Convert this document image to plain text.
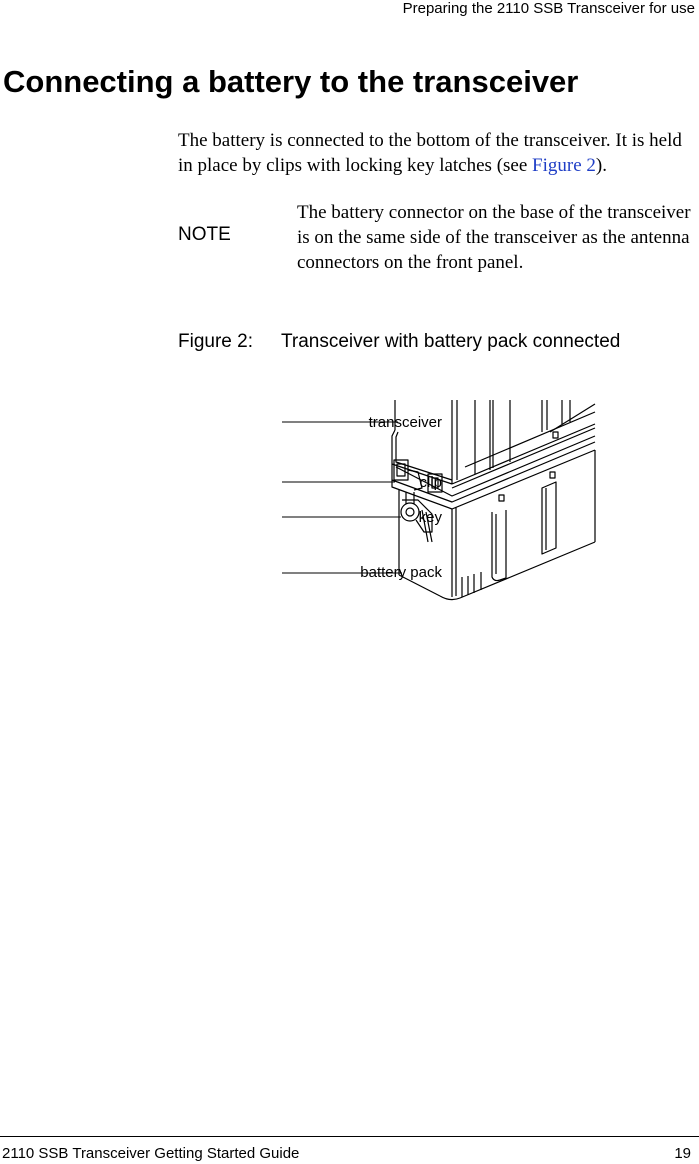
Preparing the 2110 SSB Transceiver for use
Connecting a battery to the transceiver

The battery is connected to the bottom of the transceiver. It is held in place by clips with locking key latches (see Figure 2).

NOTE

The battery connector on the base of the transceiver is on the same side of the transceiver as the antenna connectors on the front panel.

Figure 2: Transceiver with battery pack connected
transceiver
clip
key
battery pack
2110 SSB Transceiver Getting Started Guide	19
